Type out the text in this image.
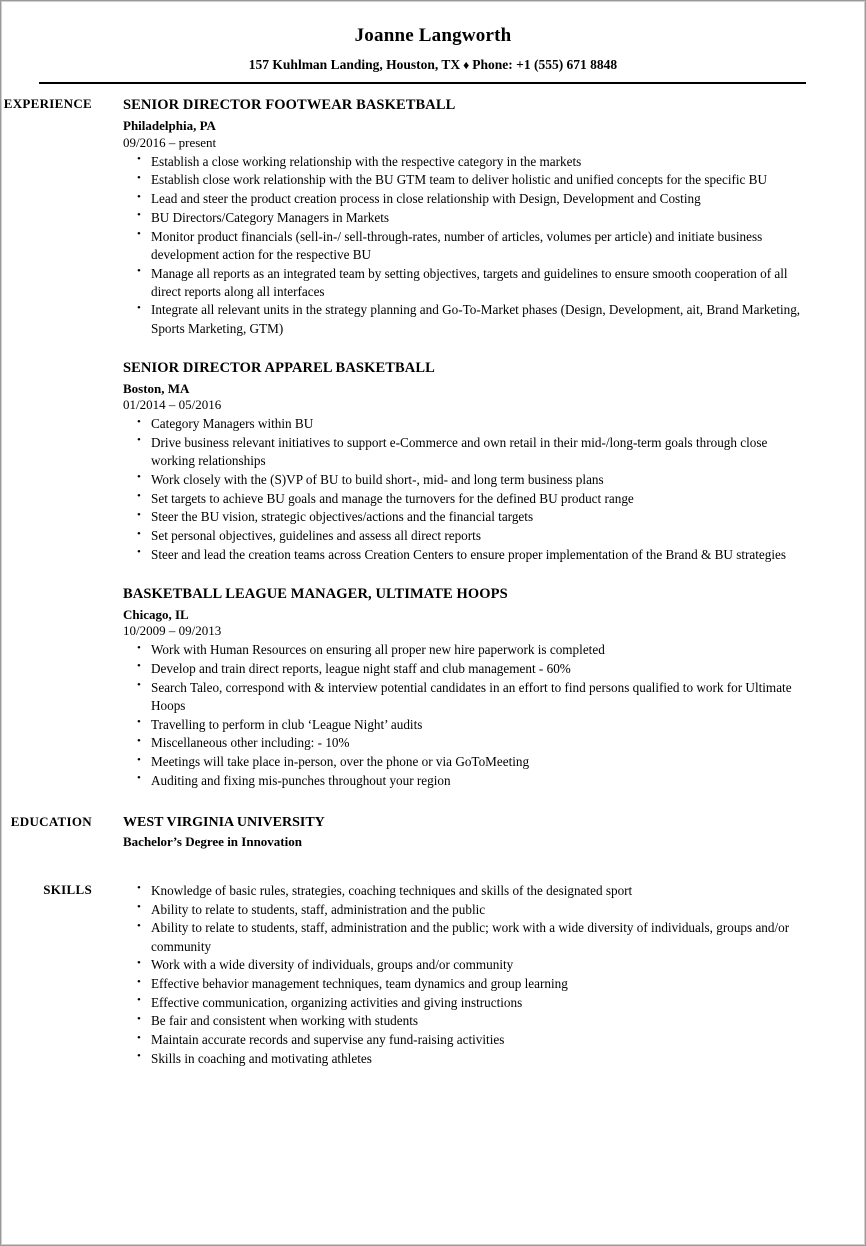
Joanne Langworth
157 Kuhlman Landing, Houston, TX ♦ Phone: +1 (555) 671 8848
EXPERIENCE SENIOR DIRECTOR FOOTWEAR BASKETBALL
Philadelphia, PA
09/2016 – present
• Establish a close working relationship with the respective category in the markets
• Establish close work relationship with the BU GTM team to deliver holistic and unified concepts for the specific BU
• Lead and steer the product creation process in close relationship with Design, Development and Costing
• BU Directors/Category Managers in Markets
• Monitor product financials (sell-in-/ sell-through-rates, number of articles, volumes per article) and initiate business development action for the respective BU
• Manage all reports as an integrated team by setting objectives, targets and guidelines to ensure smooth cooperation of all direct reports along all interfaces
• Integrate all relevant units in the strategy planning and Go-To-Market phases (Design, Development, ait, Brand Marketing, Sports Marketing, GTM)
SENIOR DIRECTOR APPAREL BASKETBALL
Boston, MA
01/2014 – 05/2016
• Category Managers within BU
• Drive business relevant initiatives to support e-Commerce and own retail in their mid-/long-term goals through close working relationships
• Work closely with the (S)VP of BU to build short-, mid- and long term business plans
• Set targets to achieve BU goals and manage the turnovers for the defined BU product range
• Steer the BU vision, strategic objectives/actions and the financial targets
• Set personal objectives, guidelines and assess all direct reports
• Steer and lead the creation teams across Creation Centers to ensure proper implementation of the Brand & BU strategies
BASKETBALL LEAGUE MANAGER, ULTIMATE HOOPS
Chicago, IL
10/2009 – 09/2013
• Work with Human Resources on ensuring all proper new hire paperwork is completed
• Develop and train direct reports, league night staff and club management - 60%
• Search Taleo, correspond with & interview potential candidates in an effort to find persons qualified to work for Ultimate Hoops
• Travelling to perform in club ‘League Night’ audits
• Miscellaneous other including: - 10%
• Meetings will take place in-person, over the phone or via GoToMeeting
• Auditing and fixing mis-punches throughout your region
EDUCATION WEST VIRGINIA UNIVERSITY
Bachelor’s Degree in Innovation
SKILLS	• Knowledge of basic rules, strategies, coaching techniques and skills of the designated sport
• Ability to relate to students, staff, administration and the public
• Ability to relate to students, staff, administration and the public; work with a wide diversity of individuals, groups and/or community
• Work with a wide diversity of individuals, groups and/or community
• Effective behavior management techniques, team dynamics and group learning
• Effective communication, organizing activities and giving instructions
• Be fair and consistent when working with students
• Maintain accurate records and supervise any fund-raising activities
• Skills in coaching and motivating athletes
